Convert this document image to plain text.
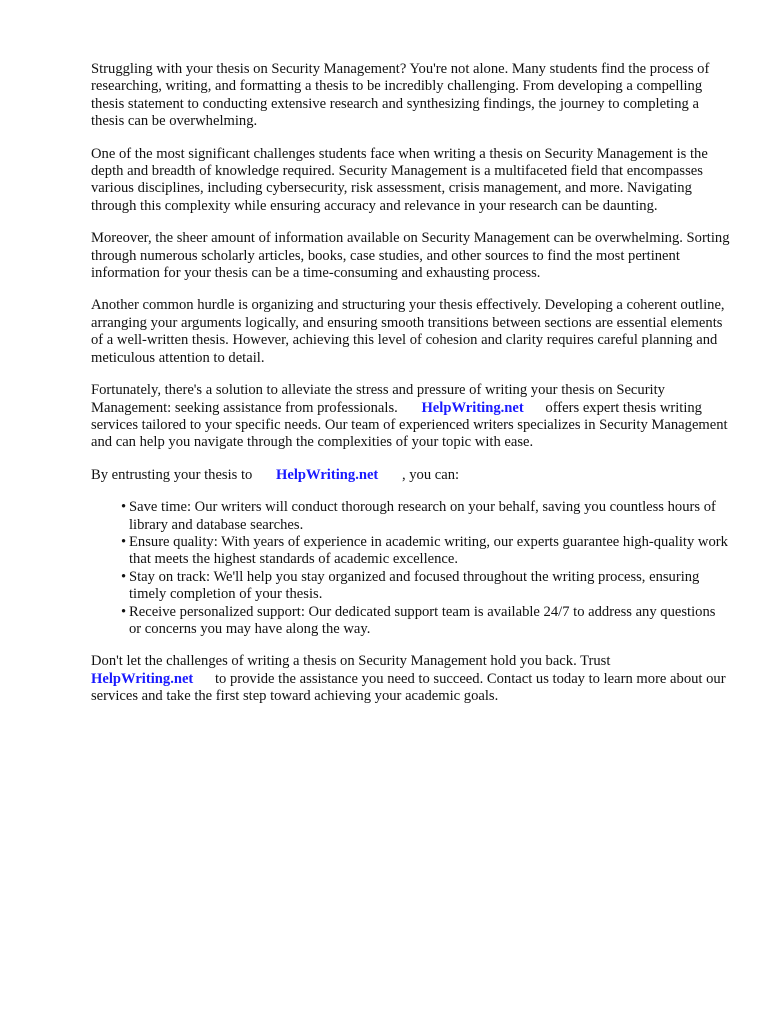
Struggling with your thesis on Security Management? You're not alone. Many students find the process of researching, writing, and formatting a thesis to be incredibly challenging. From developing a compelling thesis statement to conducting extensive research and synthesizing findings, the journey to completing a thesis can be overwhelming.

One of the most significant challenges students face when writing a thesis on Security Management is the depth and breadth of knowledge required. Security Management is a multifaceted field that encompasses various disciplines, including cybersecurity, risk assessment, crisis management, and more. Navigating through this complexity while ensuring accuracy and relevance in your research can be daunting.

Moreover, the sheer amount of information available on Security Management can be overwhelming. Sorting through numerous scholarly articles, books, case studies, and other sources to find the most pertinent information for your thesis can be a time-consuming and exhausting process.

Another common hurdle is organizing and structuring your thesis effectively. Developing a coherent outline, arranging your arguments logically, and ensuring smooth transitions between sections are essential elements of a well-written thesis. However, achieving this level of cohesion and clarity requires careful planning and meticulous attention to detail.

Fortunately, there's a solution to alleviate the stress and pressure of writing your thesis on Security Management: seeking assistance from professionals. HelpWriting.net offers expert thesis writing services tailored to your specific needs. Our team of experienced writers specializes in Security Management and can help you navigate through the complexities of your topic with ease.

By entrusting your thesis to HelpWriting.net , you can:

• Save time: Our writers will conduct thorough research on your behalf, saving you countless hours of library and database searches.
• Ensure quality: With years of experience in academic writing, our experts guarantee high-quality work that meets the highest standards of academic excellence.
• Stay on track: We'll help you stay organized and focused throughout the writing process, ensuring timely completion of your thesis.
• Receive personalized support: Our dedicated support team is available 24/7 to address any questions or concerns you may have along the way.

Don't let the challenges of writing a thesis on Security Management hold you back. Trust
HelpWriting.net to provide the assistance you need to succeed. Contact us today to learn more about our services and take the first step toward achieving your academic goals.
